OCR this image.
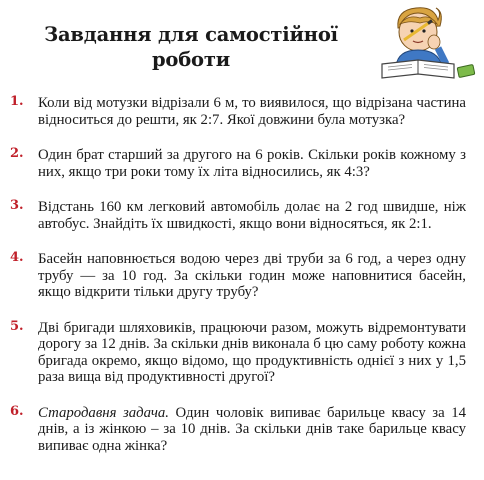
Завдання для самостійної
роботи
1. Коли від мотузки відрізали 6 м, то виявилося, що відрізана частина відноситься до решти, як 2:7. Якої довжини була мотузка?
2. Один брат старший за другого на 6 років. Скільки років кожному з них, якщо три роки тому їх літа відносились, як 4:3?
3. Відстань 160 км легковий автомобіль долає на 2 год швидше, ніж автобус. Знайдіть їх швидкості, якщо вони відносяться, як 2:1.
4. Басейн наповнюється водою через дві труби за 6 год, а через одну трубу — за 10 год. За скільки годин може наповнитися басейн, якщо відкрити тільки другу трубу?
5. Дві бригади шляховиків, працюючи разом, можуть відремонтувати дорогу за 12 днів. За скільки днів виконала б цю саму роботу кожна бригада окремо, якщо відомо, що продуктивність однієї з них у 1,5 раза вища від продуктивності другої?
6. Стародавня задача. Один чоловік випиває барильце квасу за 14 днів, а із жінкою – за 10 днів. За скільки днів таке барильце квасу випиває одна жінка?
